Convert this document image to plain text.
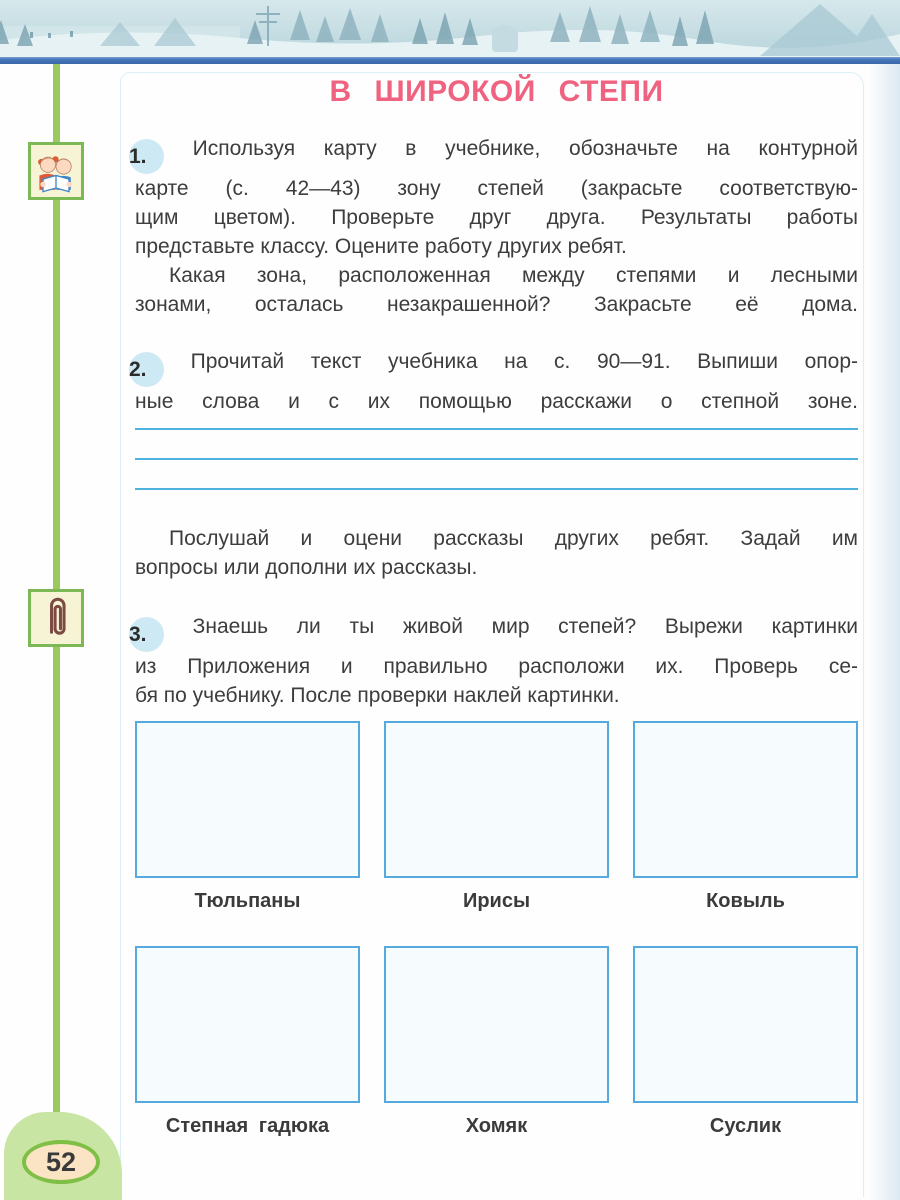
52
В ШИРОКОЙ СТЕПИ
1. Используя карту в учебнике, обозначьте на контурной
карте (с. 42—43) зону степей (закрасьте соответствую-
щим цветом). Проверьте друг друга. Результаты работы
представьте классу. Оцените работу других ребят.
Какая зона, расположенная между степями и лесными
зонами, осталась незакрашенной? Закрасьте её дома.
2. Прочитай текст учебника на с. 90—91. Выпиши опор-
ные слова и с их помощью расскажи о степной зоне.
Послушай и оцени рассказы других ребят. Задай им
вопросы или дополни их рассказы.
3. Знаешь ли ты живой мир степей? Вырежи картинки
из Приложения и правильно расположи их. Проверь се-
бя по учебнику. После проверки наклей картинки.
Тюльпаны	Ирисы	Ковыль
Степная гадюка	Хомяк	Суслик
